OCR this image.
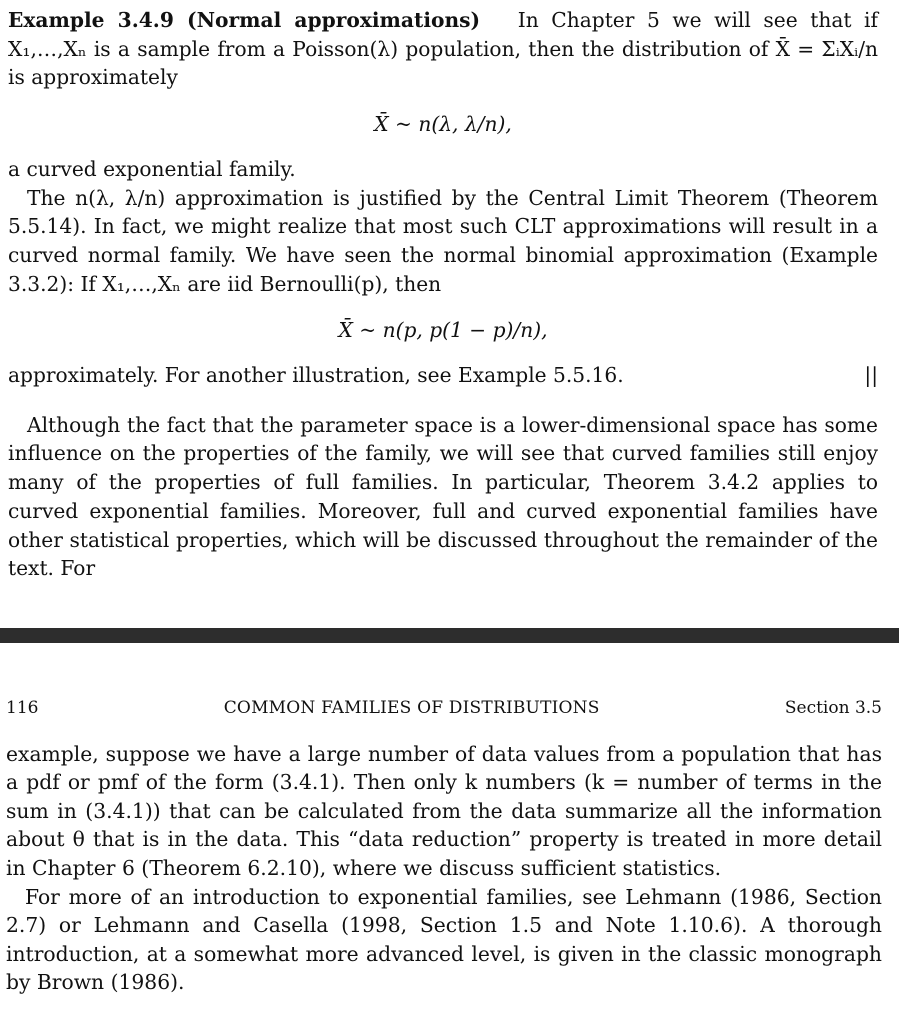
Example 3.4.9 (Normal approximations) In Chapter 5 we will see that if X₁,…,Xₙ is a sample from a Poisson(λ) population, then the distribution of X̄ = ΣᵢXᵢ/n is approximately

X̄ ~ n(λ, λ/n),

a curved exponential family.

The n(λ, λ/n) approximation is justified by the Central Limit Theorem (Theorem 5.5.14). In fact, we might realize that most such CLT approximations will result in a curved normal family. We have seen the normal binomial approximation (Example 3.3.2): If X₁,…,Xₙ are iid Bernoulli(p), then

X̄ ~ n(p, p(1 − p)/n),

approximately. For another illustration, see Example 5.5.16.	||

Although the fact that the parameter space is a lower-dimensional space has some influence on the properties of the family, we will see that curved families still enjoy many of the properties of full families. In particular, Theorem 3.4.2 applies to curved exponential families. Moreover, full and curved exponential families have other statistical properties, which will be discussed throughout the remainder of the text. For

116	COMMON FAMILIES OF DISTRIBUTIONS	Section 3.5

example, suppose we have a large number of data values from a population that has a pdf or pmf of the form (3.4.1). Then only k numbers (k = number of terms in the sum in (3.4.1)) that can be calculated from the data summarize all the information about θ that is in the data. This “data reduction” property is treated in more detail in Chapter 6 (Theorem 6.2.10), where we discuss sufficient statistics.

For more of an introduction to exponential families, see Lehmann (1986, Section 2.7) or Lehmann and Casella (1998, Section 1.5 and Note 1.10.6). A thorough introduction, at a somewhat more advanced level, is given in the classic monograph by Brown (1986).
